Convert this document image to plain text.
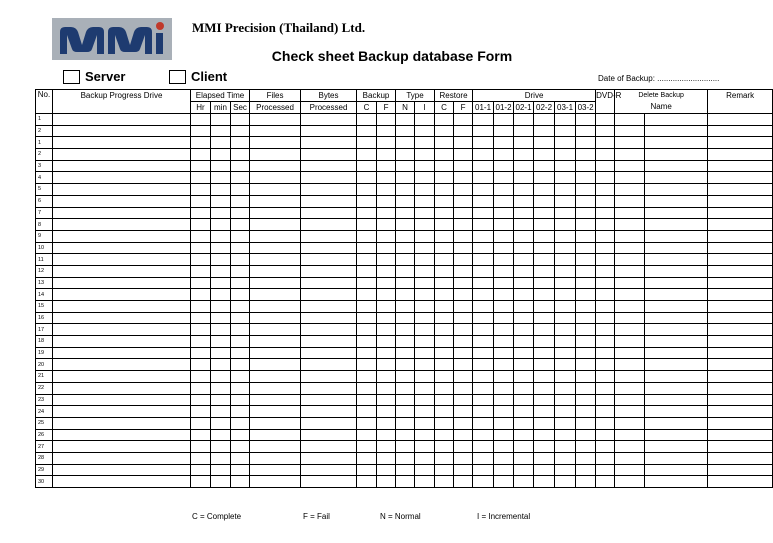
MMI Precision (Thailand) Ltd.
Check sheet Backup database Form
Server	Client	Date of Backup: ............................
No.	Backup Progress Drive	Elapsed Time			Files	Bytes	Backup		Type		Restore		Drive						DVD-R	Delete Backup		Remark
		Hr	min	Sec	Processed	Processed	C	F	N	I	C	F	01-1	01-2	02-1	02-2	03-1	03-2		Name		
1																						
2																						
1																						
2																						
3																						
4																						
5																						
6																						
7																						
8																						
9																						
10																						
11																						
12																						
13																						
14																						
15																						
16																						
17																						
18																						
19																						
20																						
21																						
22																						
23																						
24																						
25																						
26																						
27																						
28																						
29																						
30																						
C = Complete	F = Fail	N = Normal	I = Incremental
